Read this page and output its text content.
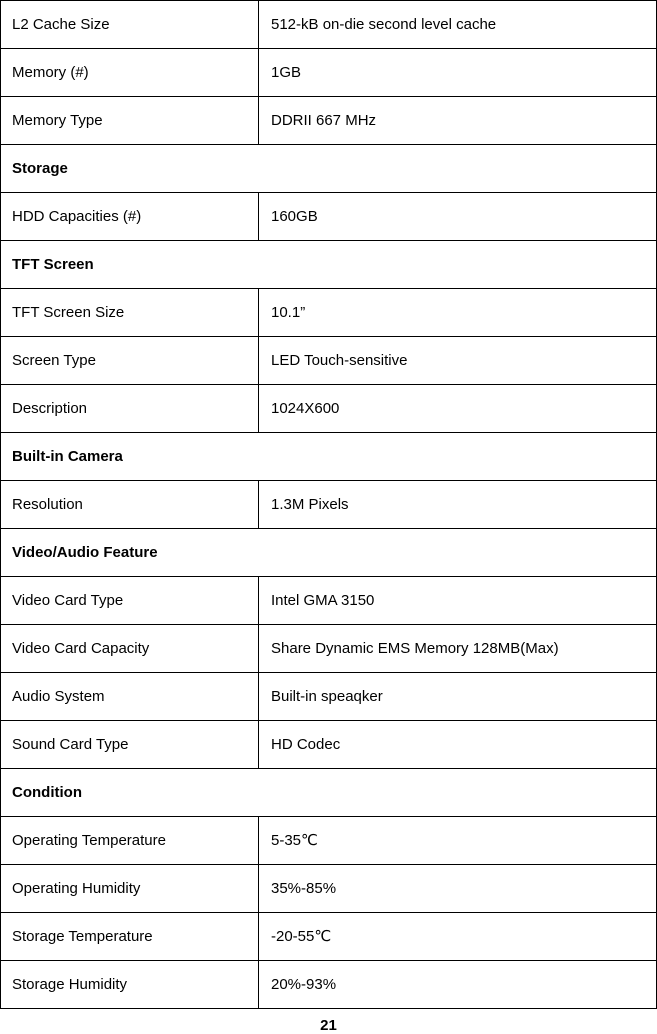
L2 Cache Size	512-kB on-die second level cache
Memory (#)	1GB
Memory Type	DDRII 667 MHz
Storage	
HDD Capacities (#)	160GB
TFT Screen	
TFT Screen Size	10.1”
Screen Type	LED Touch-sensitive
Description	1024X600
Built-in Camera	
Resolution	1.3M Pixels
Video/Audio Feature	
Video Card Type	Intel GMA 3150
Video Card Capacity	Share Dynamic EMS Memory 128MB(Max)
Audio System	Built-in speaqker
Sound Card Type	HD Codec
Condition	
Operating Temperature	5-35℃
Operating Humidity	35%-85%
Storage Temperature	-20-55℃
Storage Humidity	20%-93%
21
